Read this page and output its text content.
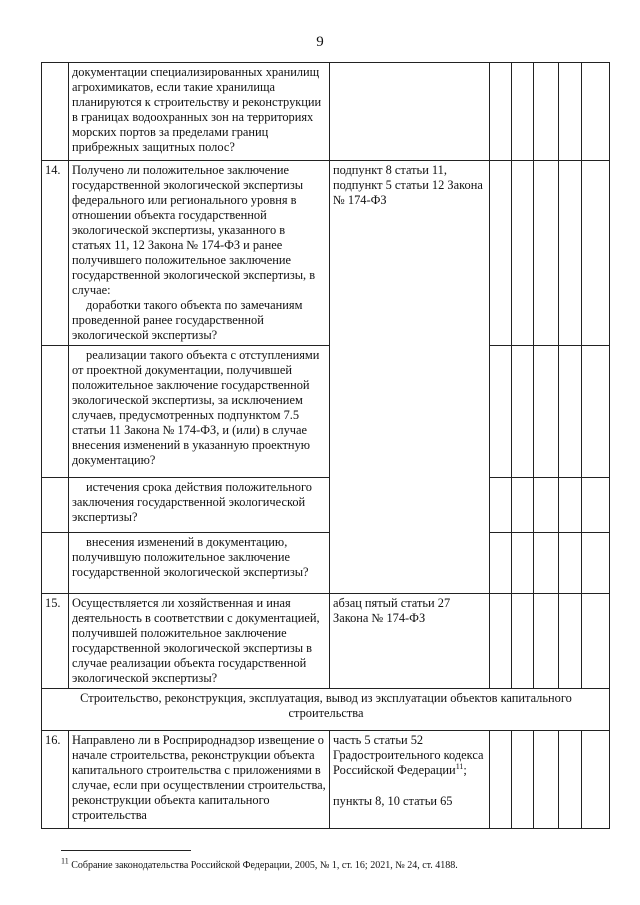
9
	документации специализированных хранилищ агрохимикатов, если такие хранилища планируются к строительству и реконструкции в границах водоохранных зон на территориях морских портов за пределами границ прибрежных защитных полос?						
14.	Получено ли положительное заключение государственной экологической экспертизы федерального или регионального уровня в отношении объекта государственной экологической экспертизы, указанного в статьях 11, 12 Закона № 174-ФЗ и ранее получившего положительное заключение государственной экологической экспертизы, в случае:
доработки такого объекта по замечаниям проведенной ранее государственной экологической экспертизы?	подпункт 8 статьи 11, подпункт 5 статьи 12 Закона № 174-ФЗ					
	реализации такого объекта с отступлениями от проектной документации, получившей положительное заключение государственной экологической экспертизы, за исключением случаев, предусмотренных подпунктом 7.5 статьи 11 Закона № 174-ФЗ, и (или) в случае внесения изменений в указанную проектную документацию?						
	истечения срока действия положительного заключения государственной экологической экспертизы?						
	внесения изменений в документацию, получившую положительное заключение государственной экологической экспертизы?						
15.	Осуществляется ли хозяйственная и иная деятельность в соответствии с документацией, получившей положительное заключение государственной экологической экспертизы в случае реализации объекта государственной экологической экспертизы?	абзац пятый статьи 27 Закона № 174-ФЗ					
Строительство, реконструкция, эксплуатация, вывод из эксплуатации объектов капитального строительства							
16.	Направлено ли в Росприроднадзор извещение о начале строительства, реконструкции объекта капитального строительства с приложениями в случае, если при осуществлении строительства, реконструкции объекта капитального строительства	часть 5 статьи 52 Градостроительного кодекса Российской Федерации$^{11}$;
пункты 8, 10 статьи 65					

$^{11}$ Собрание законодательства Российской Федерации, 2005, № 1, ст. 16; 2021, № 24, ст. 4188.
